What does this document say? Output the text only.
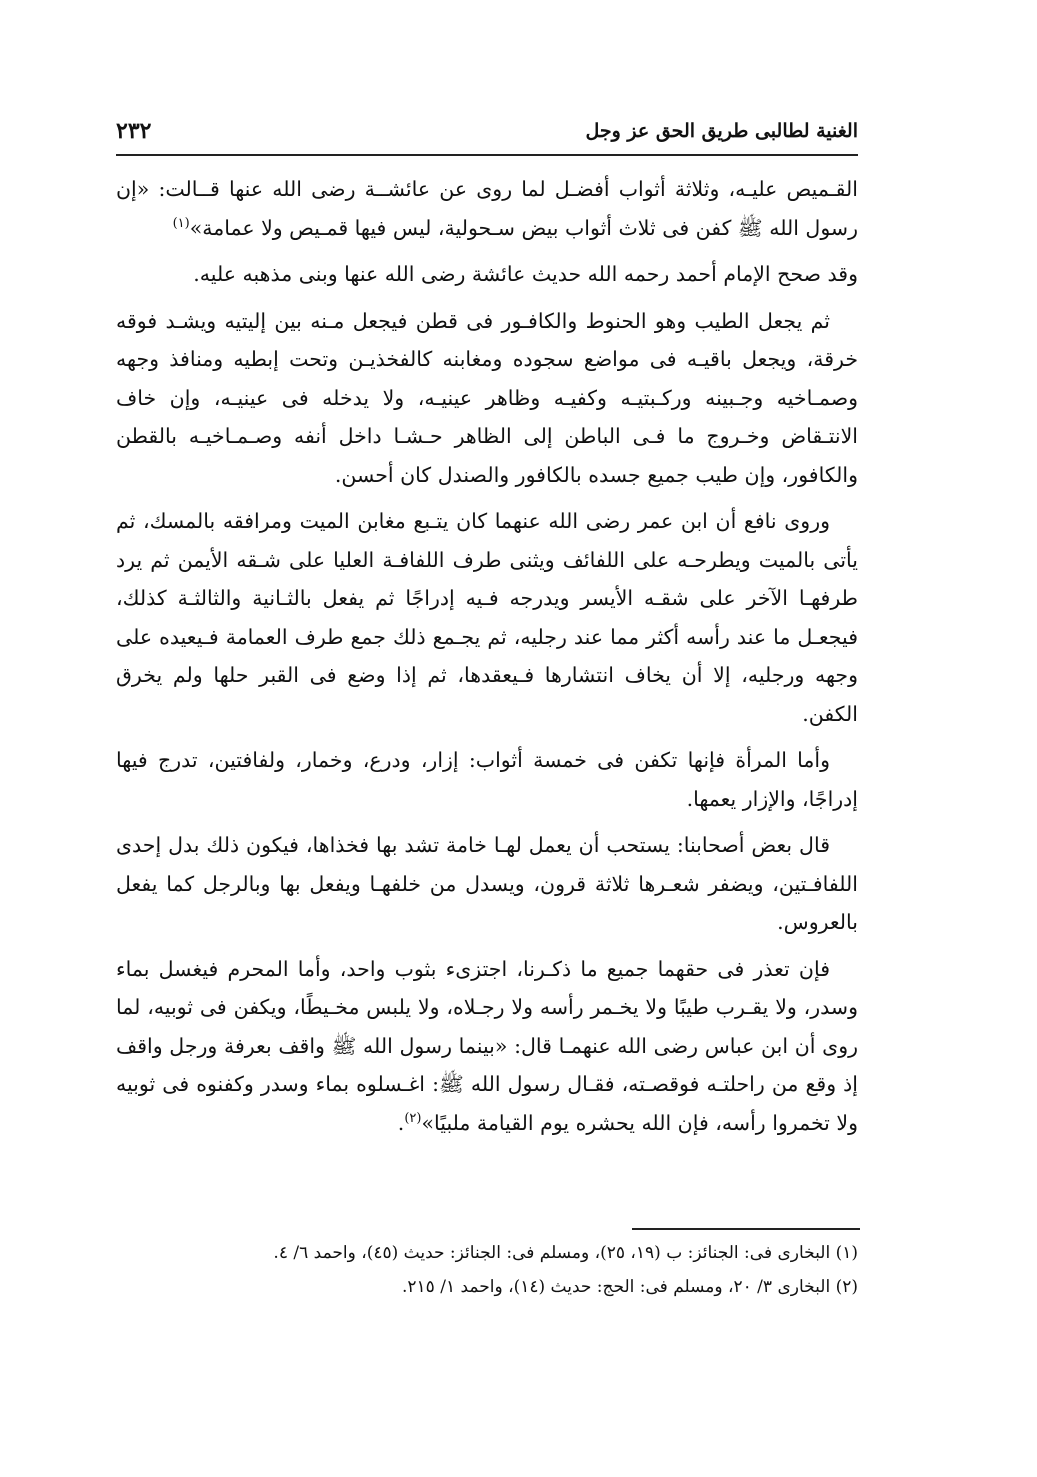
الغنية لطالبى طريق الحق عز وجل
٢٣٢

القـميص عليـه، وثلاثة أثواب أفضـل لما روى عن عائشــة رضى الله عنها قــالت: «إن رسول الله ﷺ كفن فى ثلاث أثواب بيض سـحولية، ليس فيها قمـيص ولا عمامة»$^{(١)}$

وقد صحح الإمام أحمد رحمه الله حديث عائشة رضى الله عنها وبنى مذهبه عليه.

ثم يجعل الطيب وهو الحنوط والكافـور فى قطن فيجعل مـنه بين إليتيه ويشـد فوقه خرقة، ويجعل باقيـه فى مواضع سجوده ومغابنه كالفخذيـن وتحت إبطيه ومنافذ وجهه وصمـاخيه وجـبينه وركـبتيـه وكفيـه وظاهر عينيـه، ولا يدخله فى عينيـه، وإن خاف الانتـقاض وخـروج ما فـى الباطن إلى الظاهر حـشـا داخل أنفه وصـمـاخيـه بالقطن والكافور، وإن طيب جميع جسده بالكافور والصندل كان أحسن.

وروى نافع أن ابن عمر رضى الله عنهما كان يتـبع مغابن الميت ومرافقه بالمسك، ثم يأتى بالميت ويطرحـه على اللفائف ويثنى طرف اللفافـة العليا على شـقه الأيمن ثم يرد طرفهـا الآخر على شقـه الأيسر ويدرجه فـيه إدراجًا ثم يفعل بالثـانية والثالثـة كذلك، فيجعـل ما عند رأسه أكثر مما عند رجليه، ثم يجـمع ذلك جمع طرف العمامة فـيعيده على وجهه ورجليه، إلا أن يخاف انتشارها فـيعقدها، ثم إذا وضع فى القبر حلها ولم يخرق الكفن.

وأما المرأة فإنها تكفن فى خمسة أثواب: إزار، ودرع، وخمار، ولفافتين، تدرج فيها إدراجًا، والإزار يعمها.

قال بعض أصحابنا: يستحب أن يعمل لهـا خامة تشد بها فخذاها، فيكون ذلك بدل إحدى اللفافـتين، ويضفر شعـرها ثلاثة قرون، ويسدل من خلفهـا ويفعل بها وبالرجل كما يفعل بالعروس.

فإن تعذر فى حقهما جميع ما ذكـرنا، اجتزىء بثوب واحد، وأما المحرم فيغسل بماء وسدر، ولا يقـرب طيبًا ولا يخـمر رأسه ولا رجـلاه، ولا يلبس مخـيطًا، ويكفن فى ثوبيه، لما روى أن ابن عباس رضى الله عنهمـا قال: «بينما رسول الله ﷺ واقف بعرفة ورجل واقف إذ وقع من راحلتـه فوقصـته، فقـال رسول الله ﷺ: اغـسلوه بماء وسدر وكفنوه فى ثوبيه ولا تخمروا رأسه، فإن الله يحشره يوم القيامة ملبيًا»$^{(٢)}$.

(١) البخارى فى: الجنائز: ب (١٩، ٢٥)، ومسلم فى: الجنائز: حديث (٤٥)، واحمد ٦/ ٤.

(٢) البخارى ٣/ ٢٠، ومسلم فى: الحج: حديث (١٤)، واحمد ١/ ٢١٥.
